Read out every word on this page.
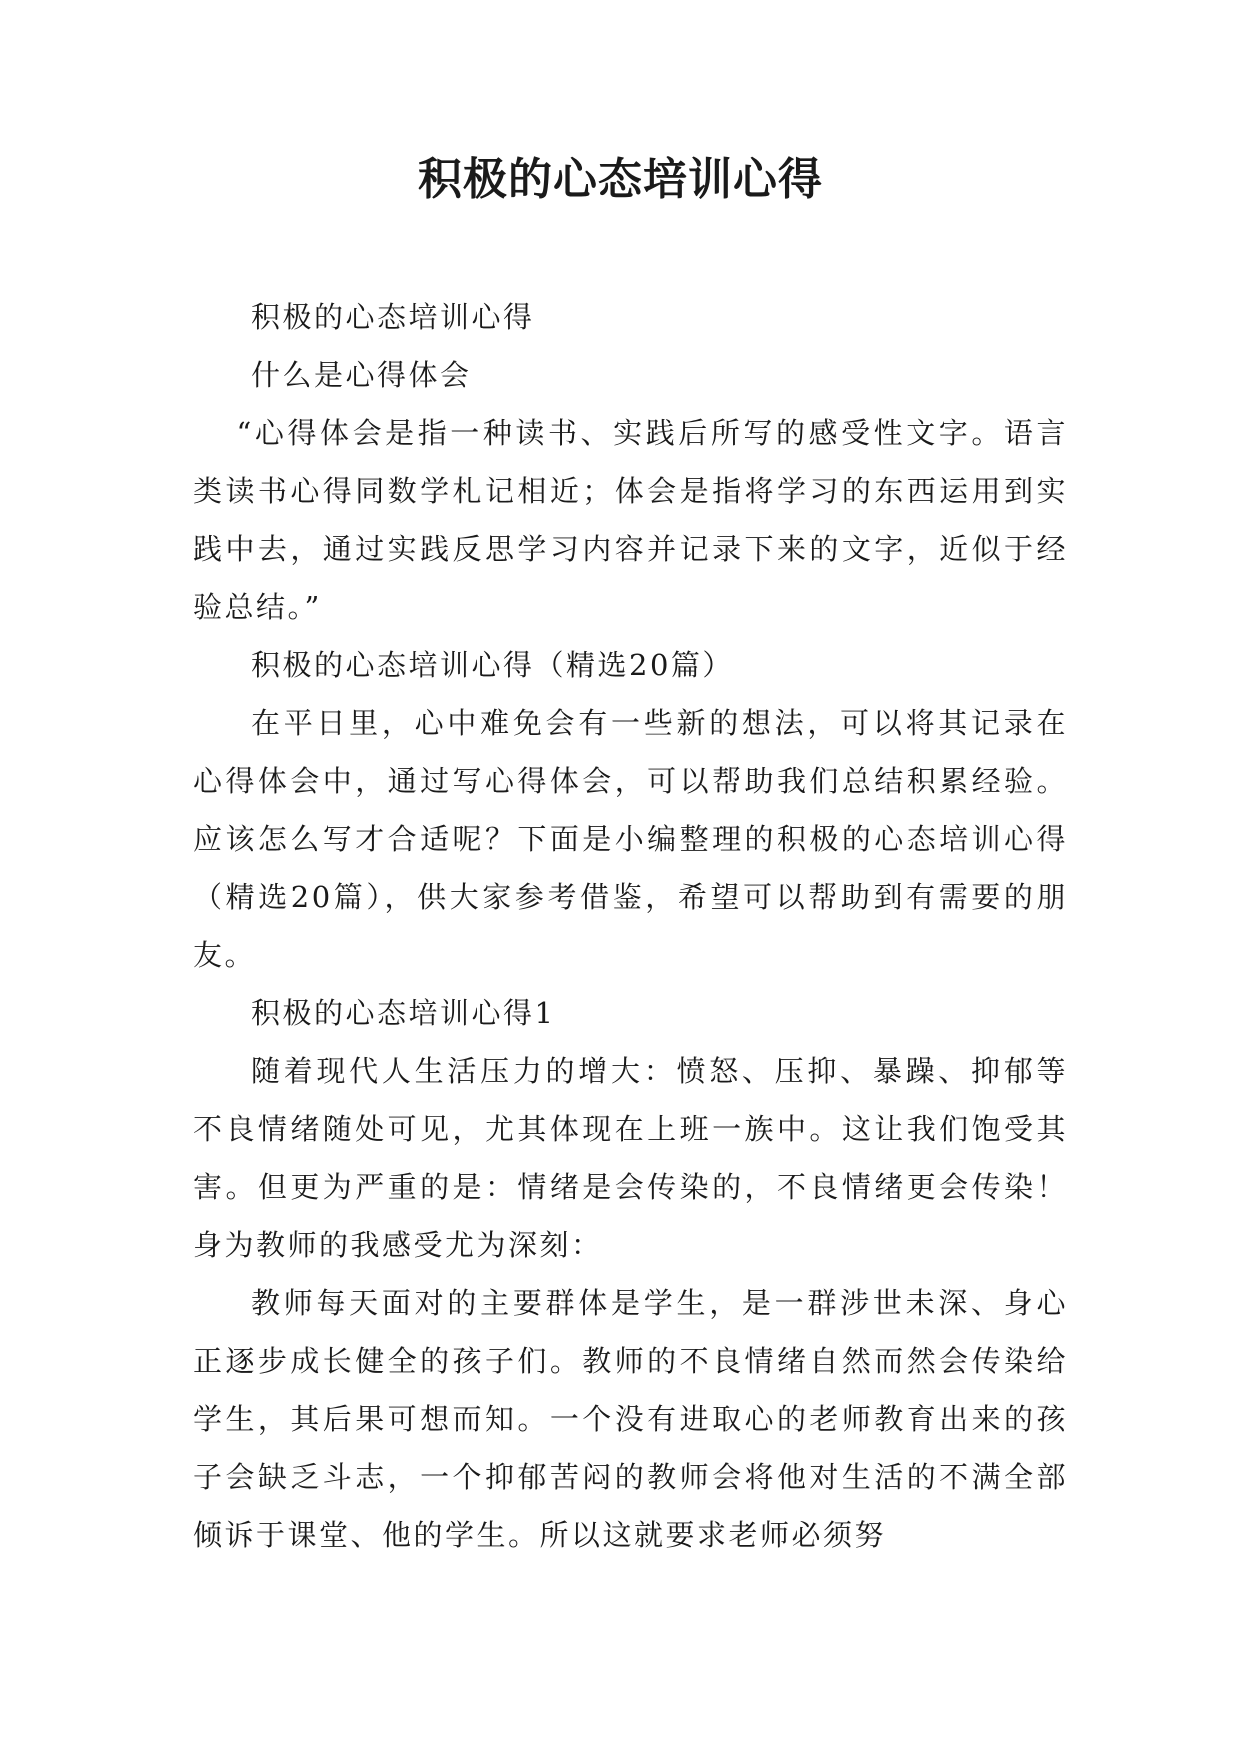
积极的心态培训心得

积极的心态培训心得

什么是心得体会

“心得体会是指一种读书、实践后所写的感受性文字。语言类读书心得同数学札记相近；体会是指将学习的东西运用到实践中去，通过实践反思学习内容并记录下来的文字，近似于经验总结。”

积极的心态培训心得（精选20篇）

在平日里，心中难免会有一些新的想法，可以将其记录在心得体会中，通过写心得体会，可以帮助我们总结积累经验。应该怎么写才合适呢？下面是小编整理的积极的心态培训心得（精选20篇），供大家参考借鉴，希望可以帮助到有需要的朋友。

积极的心态培训心得1

随着现代人生活压力的增大：愤怒、压抑、暴躁、抑郁等不良情绪随处可见，尤其体现在上班一族中。这让我们饱受其害。但更为严重的是：情绪是会传染的，不良情绪更会传染！身为教师的我感受尤为深刻：

教师每天面对的主要群体是学生，是一群涉世未深、身心正逐步成长健全的孩子们。教师的不良情绪自然而然会传染给学生，其后果可想而知。一个没有进取心的老师教育出来的孩子会缺乏斗志，一个抑郁苦闷的教师会将他对生活的不满全部倾诉于课堂、他的学生。所以这就要求老师必须努
